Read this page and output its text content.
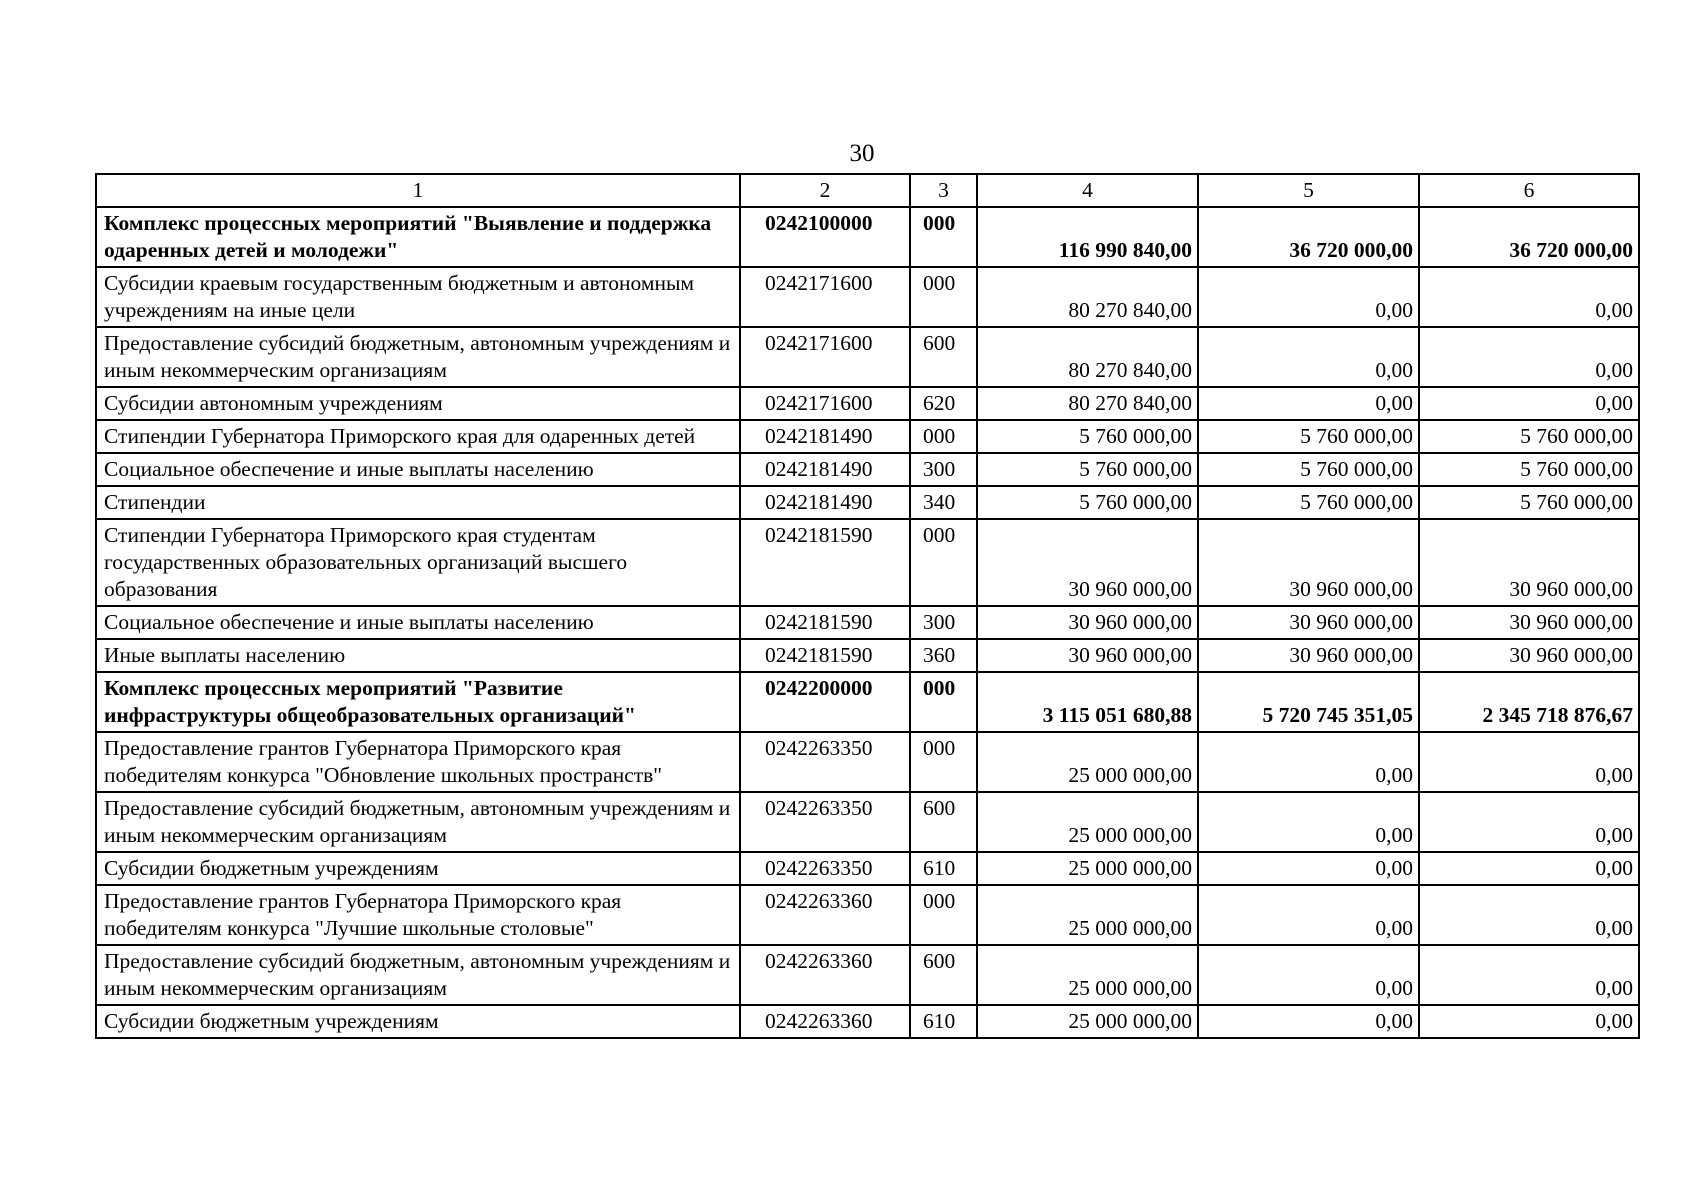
30
1	2	3	4	5	6
Комплекс процессных мероприятий "Выявление и поддержка одаренных детей и молодежи"	0242100000	000	116 990 840,00	36 720 000,00	36 720 000,00
Субсидии краевым государственным бюджетным и автономным учреждениям на иные цели	0242171600	000	80 270 840,00	0,00	0,00
Предоставление субсидий бюджетным, автономным учреждениям и иным некоммерческим организациям	0242171600	600	80 270 840,00	0,00	0,00
Субсидии автономным учреждениям	0242171600	620	80 270 840,00	0,00	0,00
Стипендии Губернатора Приморского края для одаренных детей	0242181490	000	5 760 000,00	5 760 000,00	5 760 000,00
Социальное обеспечение и иные выплаты населению	0242181490	300	5 760 000,00	5 760 000,00	5 760 000,00
Стипендии	0242181490	340	5 760 000,00	5 760 000,00	5 760 000,00
Стипендии Губернатора Приморского края студентам государственных образовательных организаций высшего образования	0242181590	000	30 960 000,00	30 960 000,00	30 960 000,00
Социальное обеспечение и иные выплаты населению	0242181590	300	30 960 000,00	30 960 000,00	30 960 000,00
Иные выплаты населению	0242181590	360	30 960 000,00	30 960 000,00	30 960 000,00
Комплекс процессных мероприятий "Развитие инфраструктуры общеобразовательных организаций"	0242200000	000	3 115 051 680,88	5 720 745 351,05	2 345 718 876,67
Предоставление грантов Губернатора Приморского края победителям конкурса "Обновление школьных пространств"	0242263350	000	25 000 000,00	0,00	0,00
Предоставление субсидий бюджетным, автономным учреждениям и иным некоммерческим организациям	0242263350	600	25 000 000,00	0,00	0,00
Субсидии бюджетным учреждениям	0242263350	610	25 000 000,00	0,00	0,00
Предоставление грантов Губернатора Приморского края победителям конкурса "Лучшие школьные столовые"	0242263360	000	25 000 000,00	0,00	0,00
Предоставление субсидий бюджетным, автономным учреждениям и иным некоммерческим организациям	0242263360	600	25 000 000,00	0,00	0,00
Субсидии бюджетным учреждениям	0242263360	610	25 000 000,00	0,00	0,00
